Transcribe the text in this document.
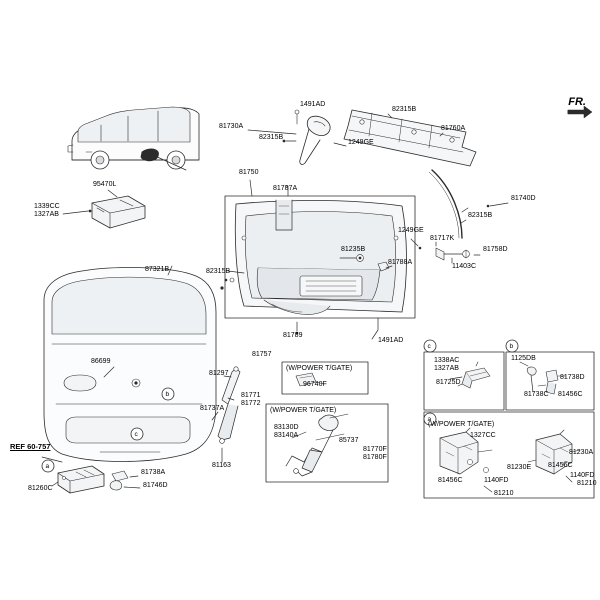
FR.
1491AD
82315B
81730A	81760A
82315B
1249GE
95470L
81750
81787A
1339CC
1327AB
81740D
82315B
1249GE
81717K
81235B	81758D
81788A
11403C
87321B	82315B
81789
1491AD
86699
81757
96740F
81297
81771
81772
81737A
81163
81738A
81746D
81260C
83130D
83140A
85737
81770F
81780F
1338AC
1327AB
1125DB
81725D
81738D
81738C 81456C
1327CC
81230A
81230E 81456C
1140FD
81210
81456C	1140FD
81210
(W/POWER T/GATE)
(W/POWER T/GATE)
(W/POWER T/GATE)
REF 60-757
a
b
c
b
c
a
